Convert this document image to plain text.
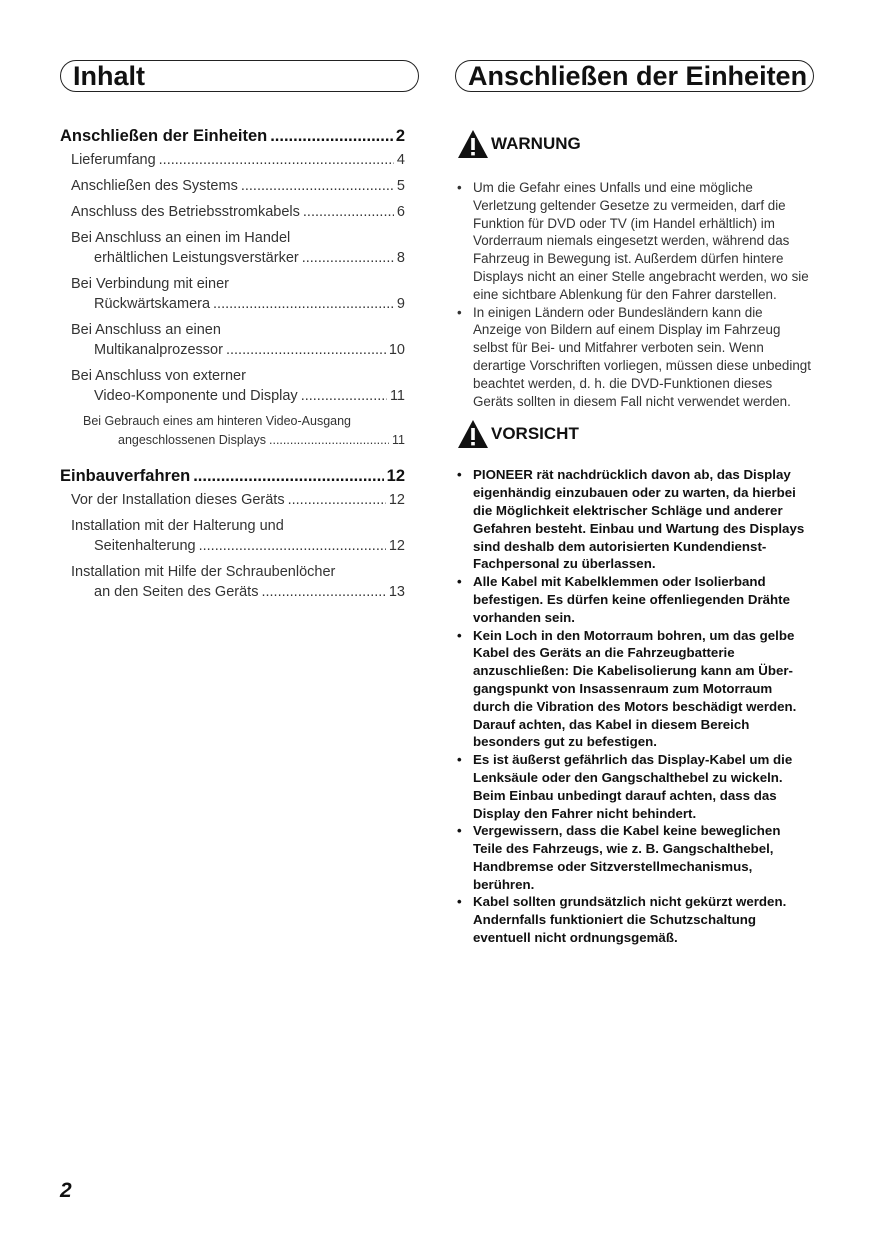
Inhalt	Anschließen der Einheiten
Anschließen der Einheiten .....	2
Lieferumfang .....	4
Anschließen des Systems .....	5
Anschluss des Betriebsstromkabels .....	6
Bei Anschluss an einen im Handel
erhältlichen Leistungsverstärker .....	8
Bei Verbindung mit einer
Rückwärtskamera .....	9
Bei Anschluss an einen
Multikanalprozessor .....	10
Bei Anschluss von externer
Video-Komponente und Display .....	11
Bei Gebrauch eines am hinteren Video-Ausgang
angeschlossenen Displays .....	11
Einbauverfahren .....	12
Vor der Installation dieses Geräts .....	12
Installation mit der Halterung und
Seitenhalterung .....	12
Installation mit Hilfe der Schraubenlöcher
an den Seiten des Geräts .....	13
WARNUNG
• Um die Gefahr eines Unfalls und eine mögliche Verletzung geltender Gesetze zu vermeiden, darf die Funktion für DVD oder TV (im Handel erhältlich) im Vorderraum niemals eingesetzt werden, während das Fahrzeug in Bewegung ist. Außerdem dürfen hintere Displays nicht an einer Stelle angebracht werden, wo sie eine sichtbare Ablenkung für den Fahrer darstellen.
• In einigen Ländern oder Bundesländern kann die Anzeige von Bildern auf einem Display im Fahrzeug selbst für Bei- und Mitfahrer verboten sein. Wenn derartige Vorschriften vorliegen, müssen diese unbedingt beachtet werden, d. h. die DVD-Funktionen dieses Geräts sollten in diesem Fall nicht verwendet werden.
VORSICHT
• PIONEER rät nachdrücklich davon ab, das Display eigenhändig einzubauen oder zu warten, da hierbei die Möglichkeit elektrischer Schläge und anderer Gefahren besteht. Einbau und Wartung des Displays sind deshalb dem autorisierten Kundendienst-Fachpersonal zu überlassen.
• Alle Kabel mit Kabelklemmen oder Isolierband befestigen. Es dürfen keine offenliegenden Drähte vorhanden sein.
• Kein Loch in den Motorraum bohren, um das gelbe Kabel des Geräts an die Fahrzeugbatterie anzuschließen: Die Kabelisolierung kann am Über-gangspunkt von Insassenraum zum Motorraum durch die Vibration des Motors beschädigt werden. Darauf achten, das Kabel in diesem Bereich besonders gut zu befestigen.
• Es ist äußerst gefährlich das Display-Kabel um die Lenksäule oder den Gangschalthebel zu wickeln. Beim Einbau unbedingt darauf achten, dass das Display den Fahrer nicht behindert.
• Vergewissern, dass die Kabel keine beweglichen Teile des Fahrzeugs, wie z. B. Gangschalthebel, Handbremse oder Sitzverstellmechanismus, berühren.
• Kabel sollten grundsätzlich nicht gekürzt werden. Andernfalls funktioniert die Schutzschaltung eventuell nicht ordnungsgemäß.
2
